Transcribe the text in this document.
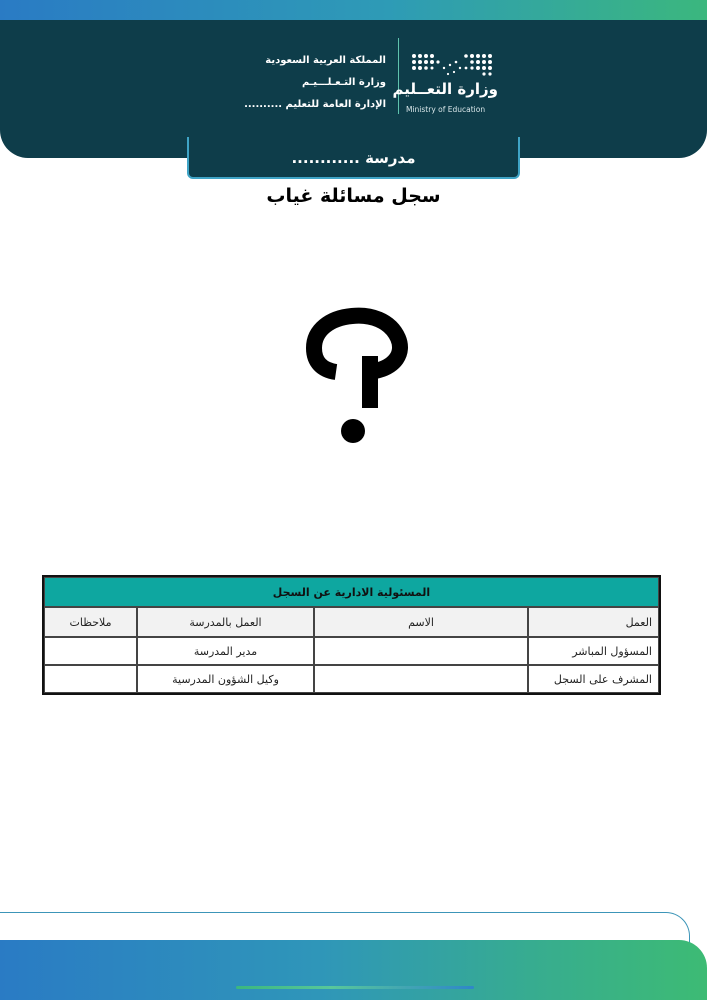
وزارة التعــليم
Ministry of Education
المملكة العربية السعودية
وزارة التـعـلـــيـم
الإدارة العامة للتعليم ..........
مدرسة ............
سجل مسائلة غياب
المسئولية الادارية عن السجل			
العمل	الاسم	العمل بالمدرسة	ملاحظات
المسؤول المباشر		مدير المدرسة	
المشرف على السجل		وكيل الشؤون المدرسية	
